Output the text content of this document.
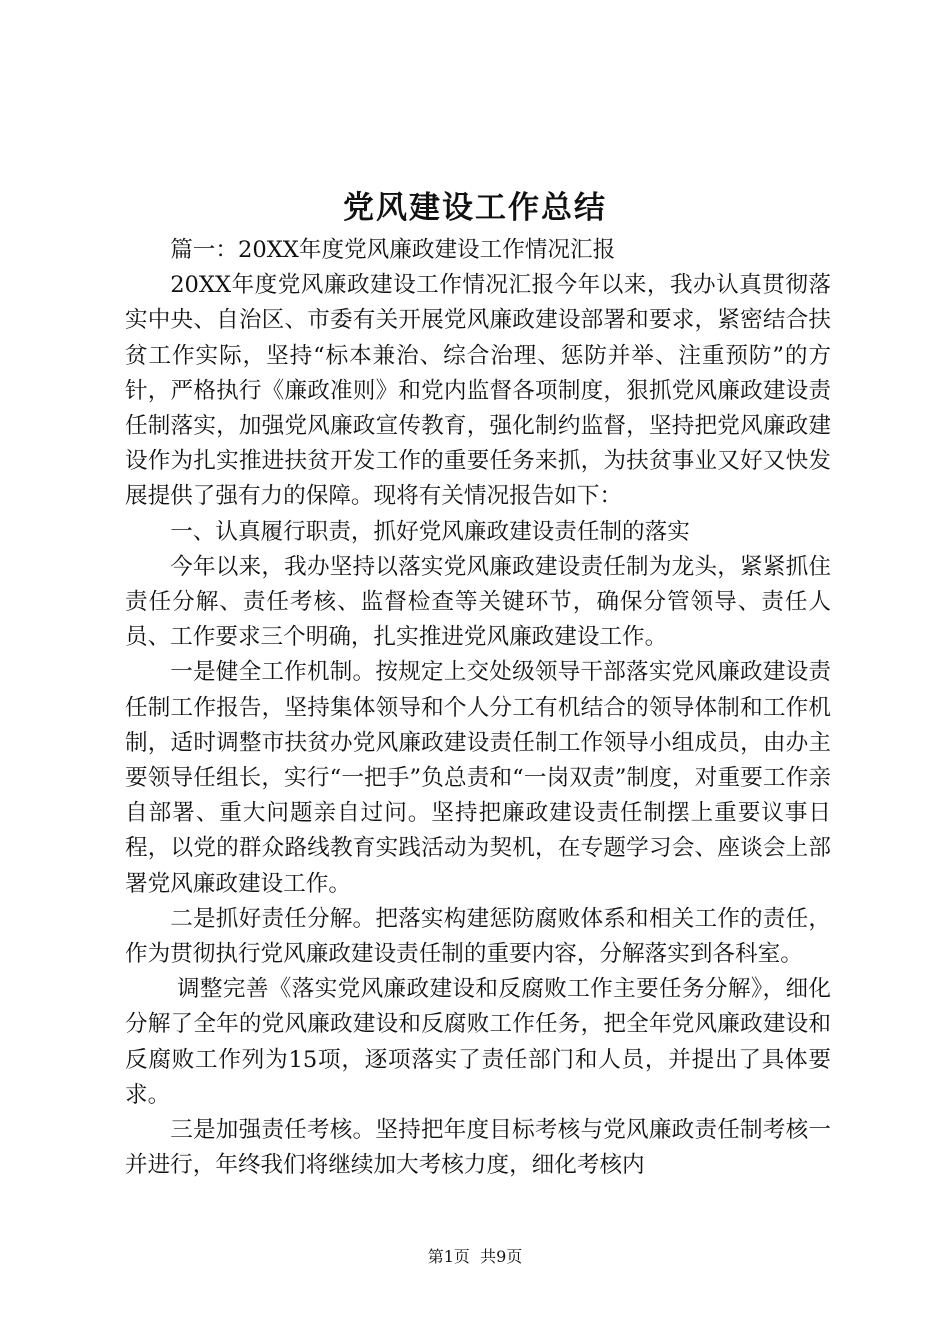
党风建设工作总结

篇一：20XX年度党风廉政建设工作情况汇报

20XX年度党风廉政建设工作情况汇报今年以来，我办认真贯彻落实中央、自治区、市委有关开展党风廉政建设部署和要求，紧密结合扶贫工作实际，坚持“标本兼治、综合治理、惩防并举、注重预防”的方针，严格执行《廉政准则》和党内监督各项制度，狠抓党风廉政建设责任制落实，加强党风廉政宣传教育，强化制约监督，坚持把党风廉政建设作为扎实推进扶贫开发工作的重要任务来抓，为扶贫事业又好又快发展提供了强有力的保障。现将有关情况报告如下：

一、认真履行职责，抓好党风廉政建设责任制的落实

今年以来，我办坚持以落实党风廉政建设责任制为龙头，紧紧抓住责任分解、责任考核、监督检查等关键环节，确保分管领导、责任人员、工作要求三个明确，扎实推进党风廉政建设工作。

一是健全工作机制。按规定上交处级领导干部落实党风廉政建设责任制工作报告，坚持集体领导和个人分工有机结合的领导体制和工作机制，适时调整市扶贫办党风廉政建设责任制工作领导小组成员，由办主要领导任组长，实行“一把手”负总责和“一岗双责”制度，对重要工作亲自部署、重大问题亲自过问。坚持把廉政建设责任制摆上重要议事日程，以党的群众路线教育实践活动为契机，在专题学习会、座谈会上部署党风廉政建设工作。

二是抓好责任分解。把落实构建惩防腐败体系和相关工作的责任，作为贯彻执行党风廉政建设责任制的重要内容，分解落实到各科室。

调整完善《落实党风廉政建设和反腐败工作主要任务分解》，细化分解了全年的党风廉政建设和反腐败工作任务，把全年党风廉政建设和反腐败工作列为15项，逐项落实了责任部门和人员，并提出了具体要求。

三是加强责任考核。坚持把年度目标考核与党风廉政责任制考核一并进行，年终我们将继续加大考核力度，细化考核内

第1页 共9页
